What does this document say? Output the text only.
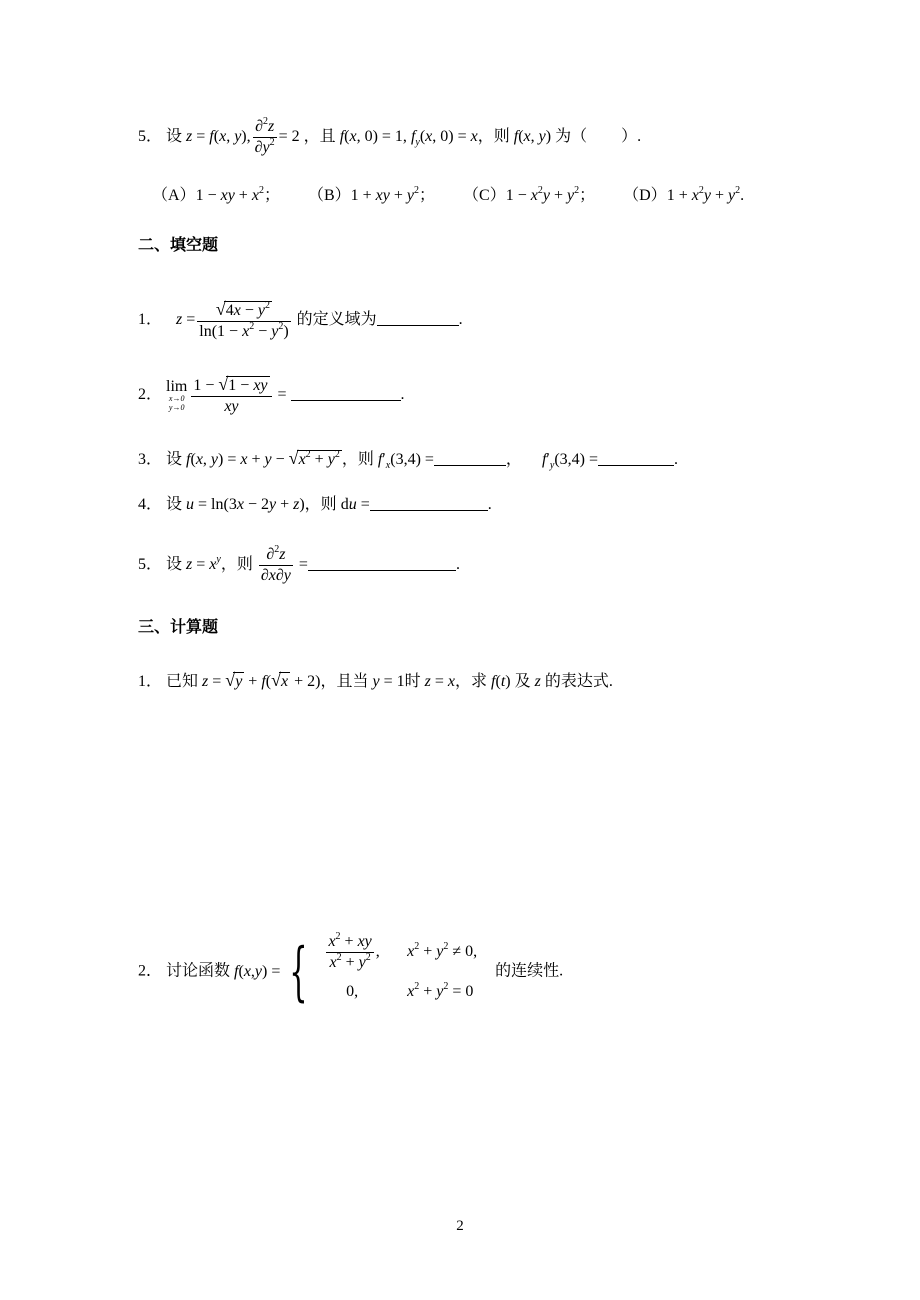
5． 设 z = f(x, y), $\frac{\partial^2z}{\partial y^2} = 2$ ，且 f(x, 0) = 1, $f_y(x$, 0) = x，则 f(x, y) 为（ ）.
（A）1 − xy + $x^2$； （B）1 + xy + $y^2$； $(C)1 - x^2y + y^2$； $(D)1 + x^2y + y^2$.
二、填空题
1． $z = \frac{√4x - y^2}{\ln(1 - x^2 - y^2)}$ 的定义域为	.
2． lim
x→0
$y\to 0 \frac{1 - √1 - xy}{xy}$ =	.
3． 设 f(x, $y) = x + y - √x^2 + y^2$ ，则 $f'_x(3,4)$ =	， $f'_y(3,4)$ =	.
4． 设 u = ln(3x − 2y + z)，则 du =	.
5． 设 $z = x^y$，则 $\frac{\partial^2z}{\partial x\partial y}$ =	.
三、计算题
1． 已知 z = √y + f(√x + 2)，且当 y = 1时 z = x，求 f(t) 及 z 的表达式.
2． 讨论函数 f ( x , y ) = { $\frac{x^2 + xy}{x^2 + y^2}$ ,	$x^2 + y^2 \ne 0$,
0,	$x^2 + y^2 = 0$
的连续性.
2
